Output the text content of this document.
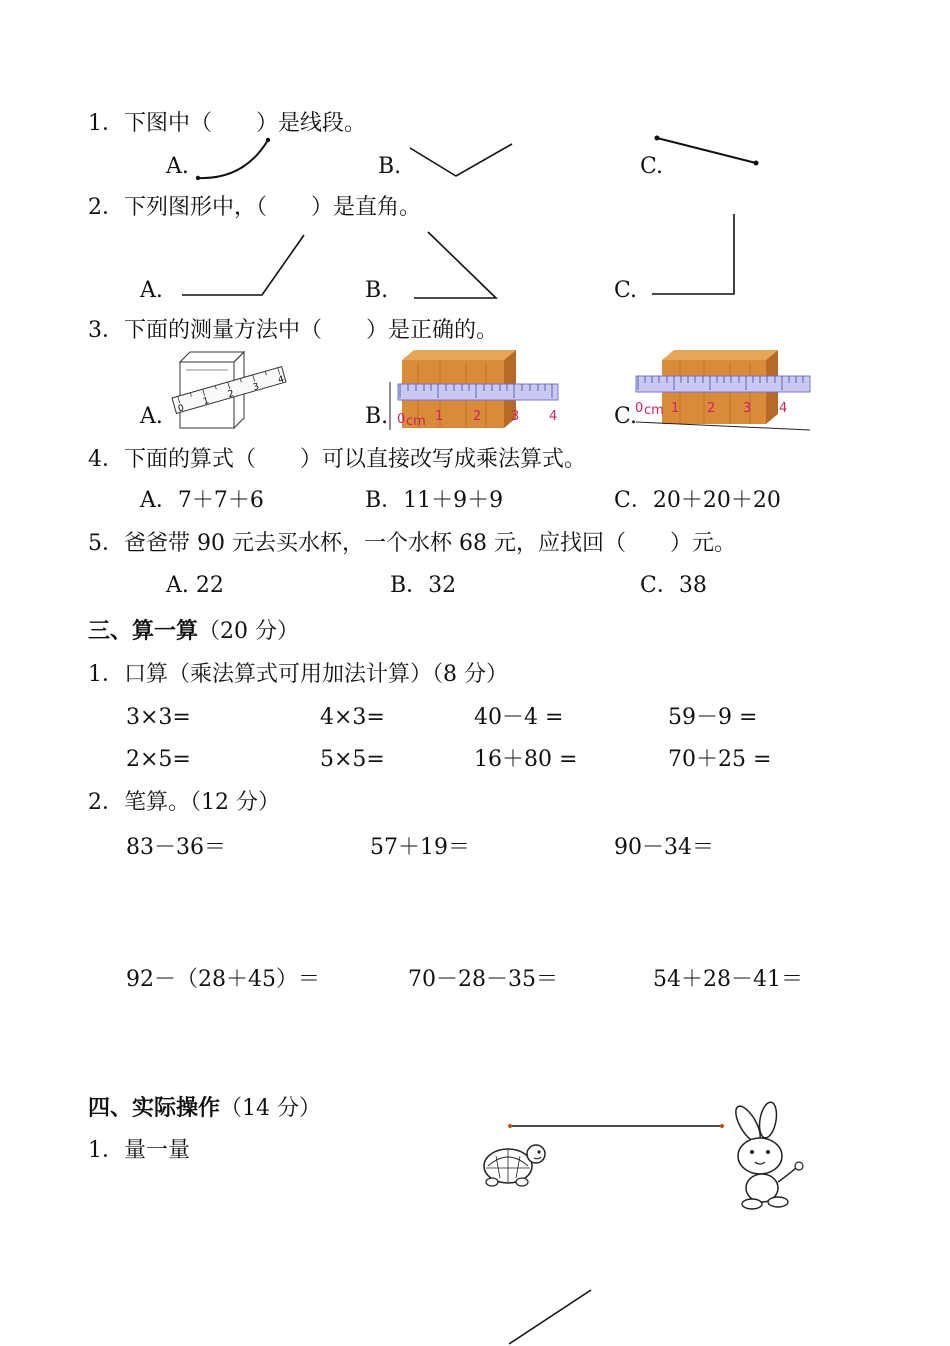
1．下图中（　　）是线段。
A.	B.	C.
2．下列图形中，（　　）是直角。
A.	B.	C.
3．下面的测量方法中（　　）是正确的。
A. 0
1
2
3
4
B. 0 cm 1 2 3 4	C.
0 cm 1 2 3 4
4．下面的算式（　　）可以直接改写成乘法算式。
A．7＋7＋6	B．11＋9＋9	C．20＋20＋20
5．爸爸带 90 元去买水杯，一个水杯 68 元，应找回（　　）元。
A. 22	B．32	C．38
三、算一算（20 分）
1．口算（乘法算式可用加法计算）（8 分）
3×3=	4×3=	40－4 =	59－9 =
2×5=	5×5=	16＋80 =	70＋25 =
2．笔算。（12 分）
83－36＝	57＋19＝	90－34＝
92－（28＋45）＝	70－28－35＝	54＋28－41＝
四、实际操作（14 分）
1．量一量
